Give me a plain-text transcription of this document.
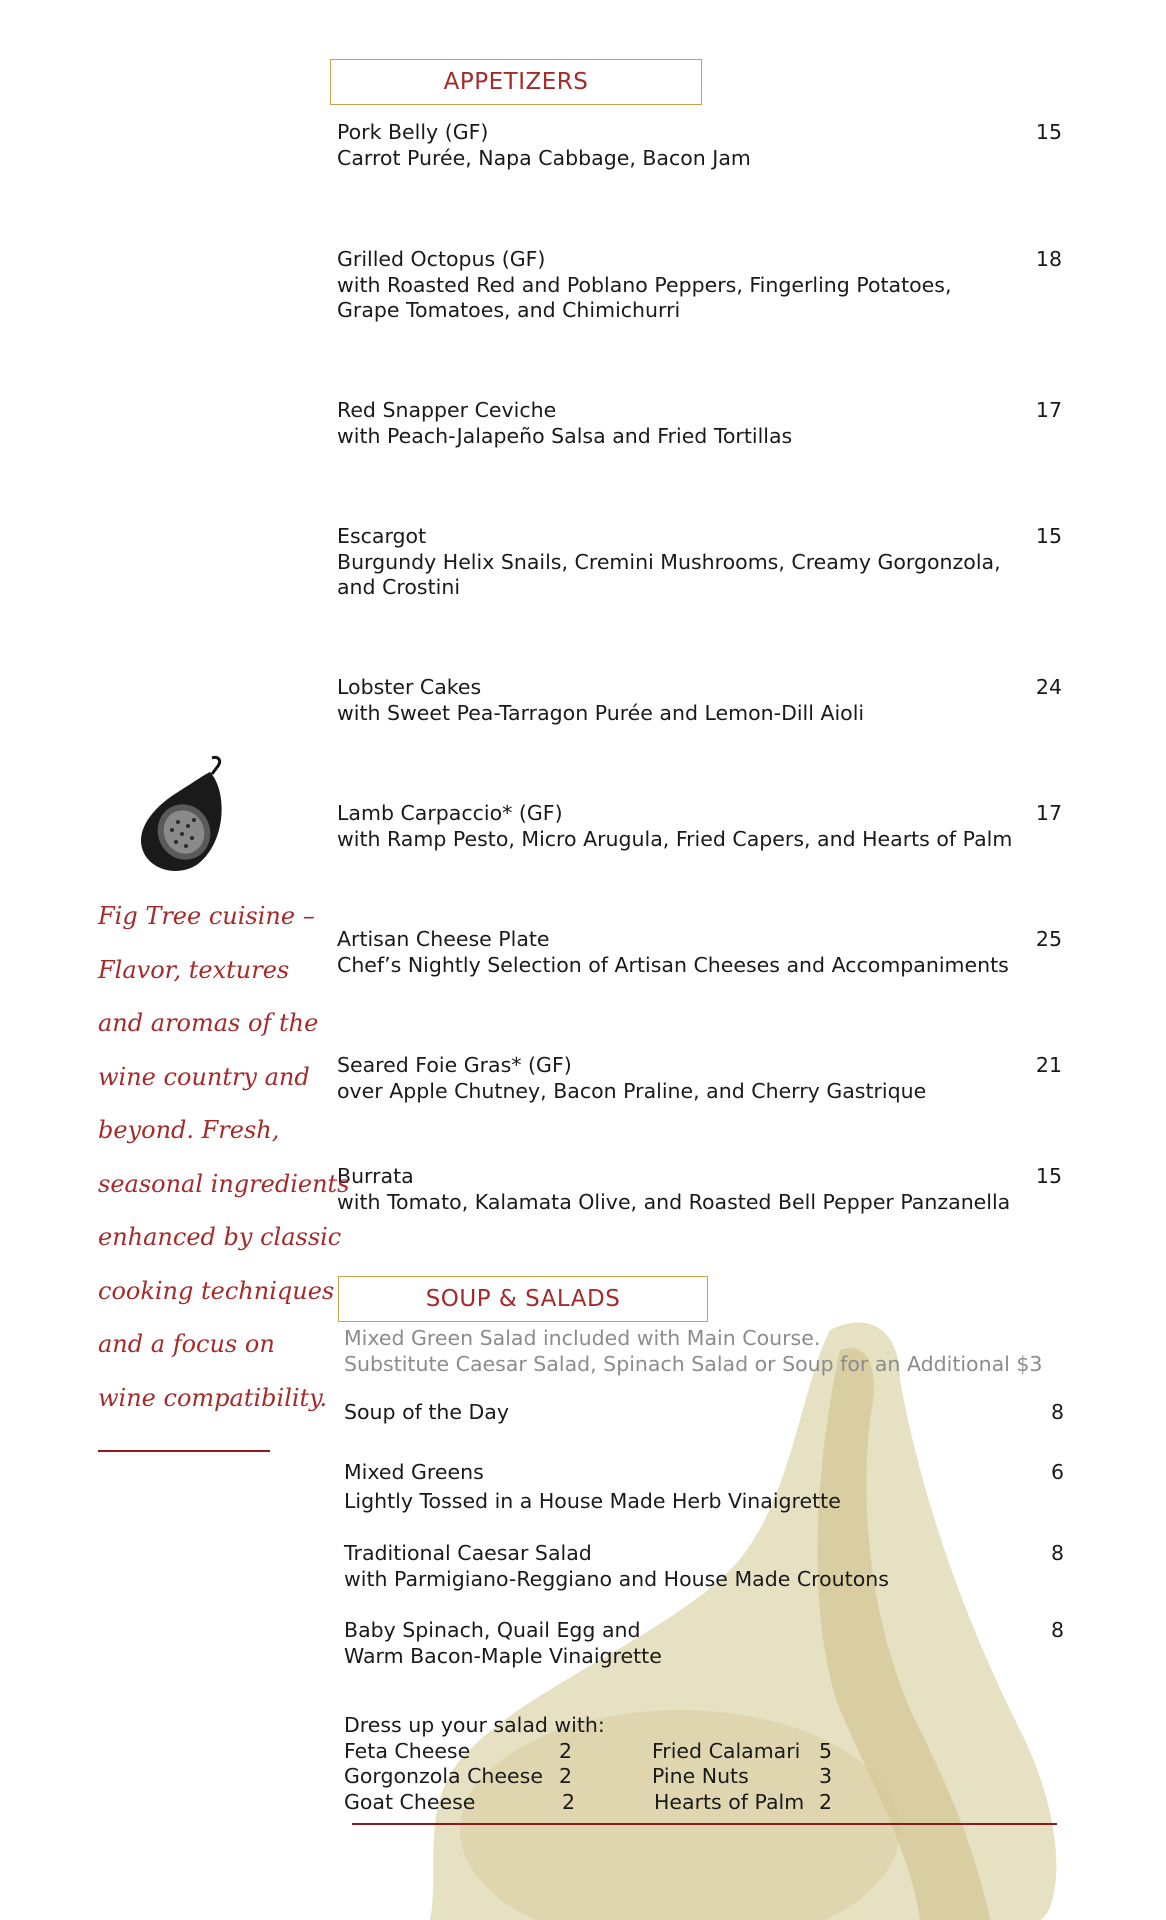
APPETIZERS
Pork Belly (GF)
Carrot Purée, Napa Cabbage, Bacon Jam
15
Grilled Octopus (GF)
with Roasted Red and Poblano Peppers, Fingerling Potatoes,
Grape Tomatoes, and Chimichurri
18
Red Snapper Ceviche
with Peach-Jalapeño Salsa and Fried Tortillas
17
Escargot
Burgundy Helix Snails, Cremini Mushrooms, Creamy Gorgonzola,
and Crostini
15
Lobster Cakes
with Sweet Pea-Tarragon Purée and Lemon-Dill Aioli
24
Lamb Carpaccio* (GF)
with Ramp Pesto, Micro Arugula, Fried Capers, and Hearts of Palm
17
Artisan Cheese Plate
Chef’s Nightly Selection of Artisan Cheeses and Accompaniments
25
Seared Foie Gras* (GF)
over Apple Chutney, Bacon Praline, and Cherry Gastrique
21
Burrata
with Tomato, Kalamata Olive, and Roasted Bell Pepper Panzanella
15
SOUP & SALADS
Mixed Green Salad included with Main Course.
Substitute Caesar Salad, Spinach Salad or Soup for an Additional $3
Soup of the Day	8
Mixed Greens
Lightly Tossed in a House Made Herb Vinaigrette
6
Traditional Caesar Salad
with Parmigiano-Reggiano and House Made Croutons
8
Baby Spinach, Quail Egg and
Warm Bacon-Maple Vinaigrette
8
Dress up your salad with:
Feta Cheese	2	Fried Calamari 5
Gorgonzola Cheese 2	Pine Nuts	3
Goat Cheese	2	Hearts of Palm 2
Fig Tree cuisine –
Flavor, textures
and aromas of the
wine country and
beyond. Fresh,
seasonal ingredients
enhanced by classic
cooking techniques
and a focus on
wine compatibility.
